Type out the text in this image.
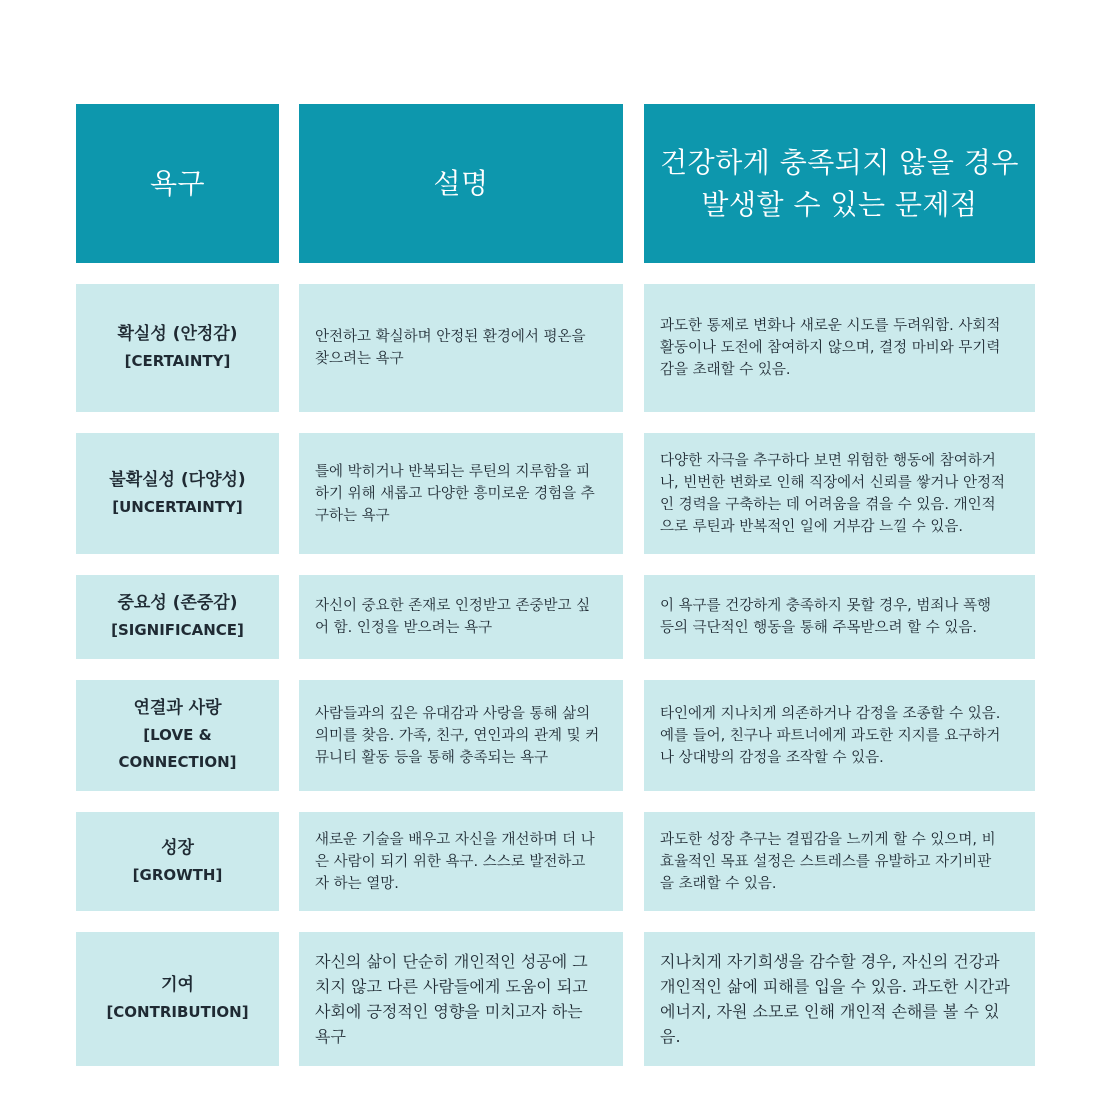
욕구	설명
건강하게 충족되지 않을 경우
발생할 수 있는 문제점
확실성 (안정감)
[CERTAINTY]
안전하고 확실하며 안정된 환경에서 평온을
찾으려는 욕구
과도한 통제로 변화나 새로운 시도를 두려워함. 사회적
활동이나 도전에 참여하지 않으며, 결정 마비와 무기력
감을 초래할 수 있음.
불확실성 (다양성)
[UNCERTAINTY]
틀에 박히거나 반복되는 루틴의 지루함을 피
하기 위해 새롭고 다양한 흥미로운 경험을 추
구하는 욕구
다양한 자극을 추구하다 보면 위험한 행동에 참여하거
나, 빈번한 변화로 인해 직장에서 신뢰를 쌓거나 안정적
인 경력을 구축하는 데 어려움을 겪을 수 있음. 개인적
으로 루틴과 반복적인 일에 거부감 느낄 수 있음.
중요성 (존중감)
[SIGNIFICANCE]
자신이 중요한 존재로 인정받고 존중받고 싶
어 함. 인정을 받으려는 욕구
이 욕구를 건강하게 충족하지 못할 경우, 범죄나 폭행
등의 극단적인 행동을 통해 주목받으려 할 수 있음.
연결과 사랑
[LOVE &
CONNECTION]
사람들과의 깊은 유대감과 사랑을 통해 삶의
의미를 찾음. 가족, 친구, 연인과의 관계 및 커
뮤니티 활동 등을 통해 충족되는 욕구
타인에게 지나치게 의존하거나 감정을 조종할 수 있음.
예를 들어, 친구나 파트너에게 과도한 지지를 요구하거
나 상대방의 감정을 조작할 수 있음.
성장
[GROWTH]
새로운 기술을 배우고 자신을 개선하며 더 나
은 사람이 되기 위한 욕구. 스스로 발전하고
자 하는 열망.
과도한 성장 추구는 결핍감을 느끼게 할 수 있으며, 비
효율적인 목표 설정은 스트레스를 유발하고 자기비판
을 초래할 수 있음.
기여
[CONTRIBUTION]
자신의 삶이 단순히 개인적인 성공에 그
치지 않고 다른 사람들에게 도움이 되고
사회에 긍정적인 영향을 미치고자 하는
욕구
지나치게 자기희생을 감수할 경우, 자신의 건강과
개인적인 삶에 피해를 입을 수 있음. 과도한 시간과
에너지, 자원 소모로 인해 개인적 손해를 볼 수 있
음.
